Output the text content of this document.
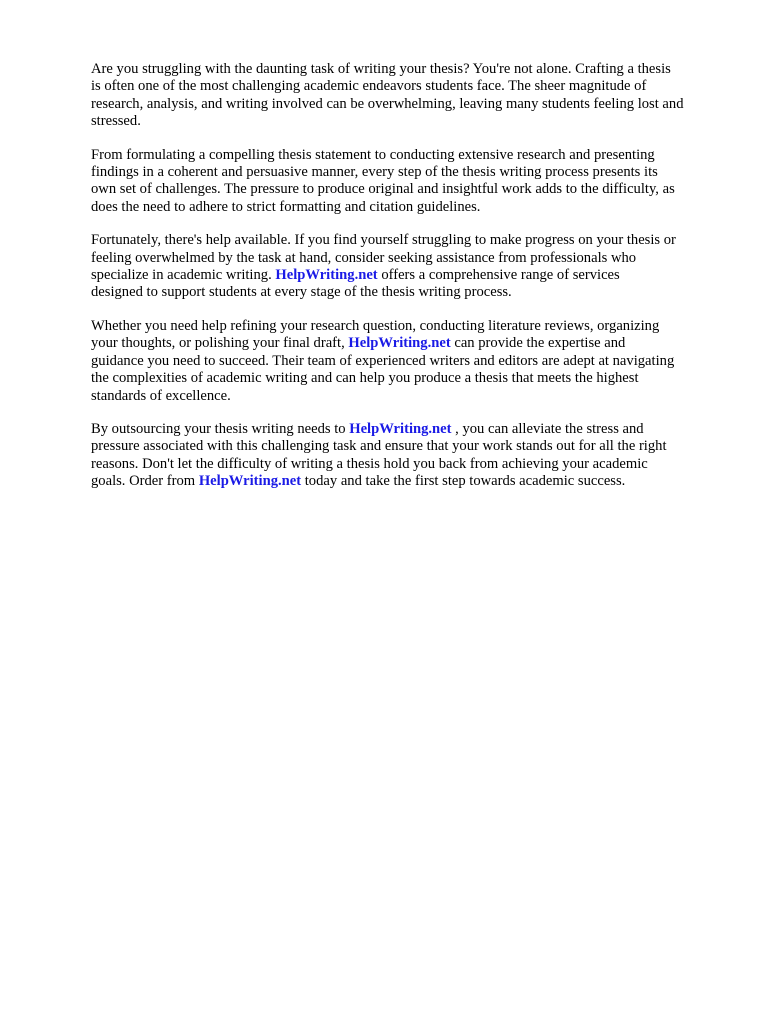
Are you struggling with the daunting task of writing your thesis? You're not alone. Crafting a thesis
is often one of the most challenging academic endeavors students face. The sheer magnitude of
research, analysis, and writing involved can be overwhelming, leaving many students feeling lost and
stressed.

From formulating a compelling thesis statement to conducting extensive research and presenting
findings in a coherent and persuasive manner, every step of the thesis writing process presents its
own set of challenges. The pressure to produce original and insightful work adds to the difficulty, as
does the need to adhere to strict formatting and citation guidelines.

Fortunately, there's help available. If you find yourself struggling to make progress on your thesis or
feeling overwhelmed by the task at hand, consider seeking assistance from professionals who
specialize in academic writing. HelpWriting.net offers a comprehensive range of services
designed to support students at every stage of the thesis writing process.

Whether you need help refining your research question, conducting literature reviews, organizing
your thoughts, or polishing your final draft, HelpWriting.net can provide the expertise and
guidance you need to succeed. Their team of experienced writers and editors are adept at navigating
the complexities of academic writing and can help you produce a thesis that meets the highest
standards of excellence.

By outsourcing your thesis writing needs to HelpWriting.net , you can alleviate the stress and
pressure associated with this challenging task and ensure that your work stands out for all the right
reasons. Don't let the difficulty of writing a thesis hold you back from achieving your academic
goals. Order from HelpWriting.net today and take the first step towards academic success.
